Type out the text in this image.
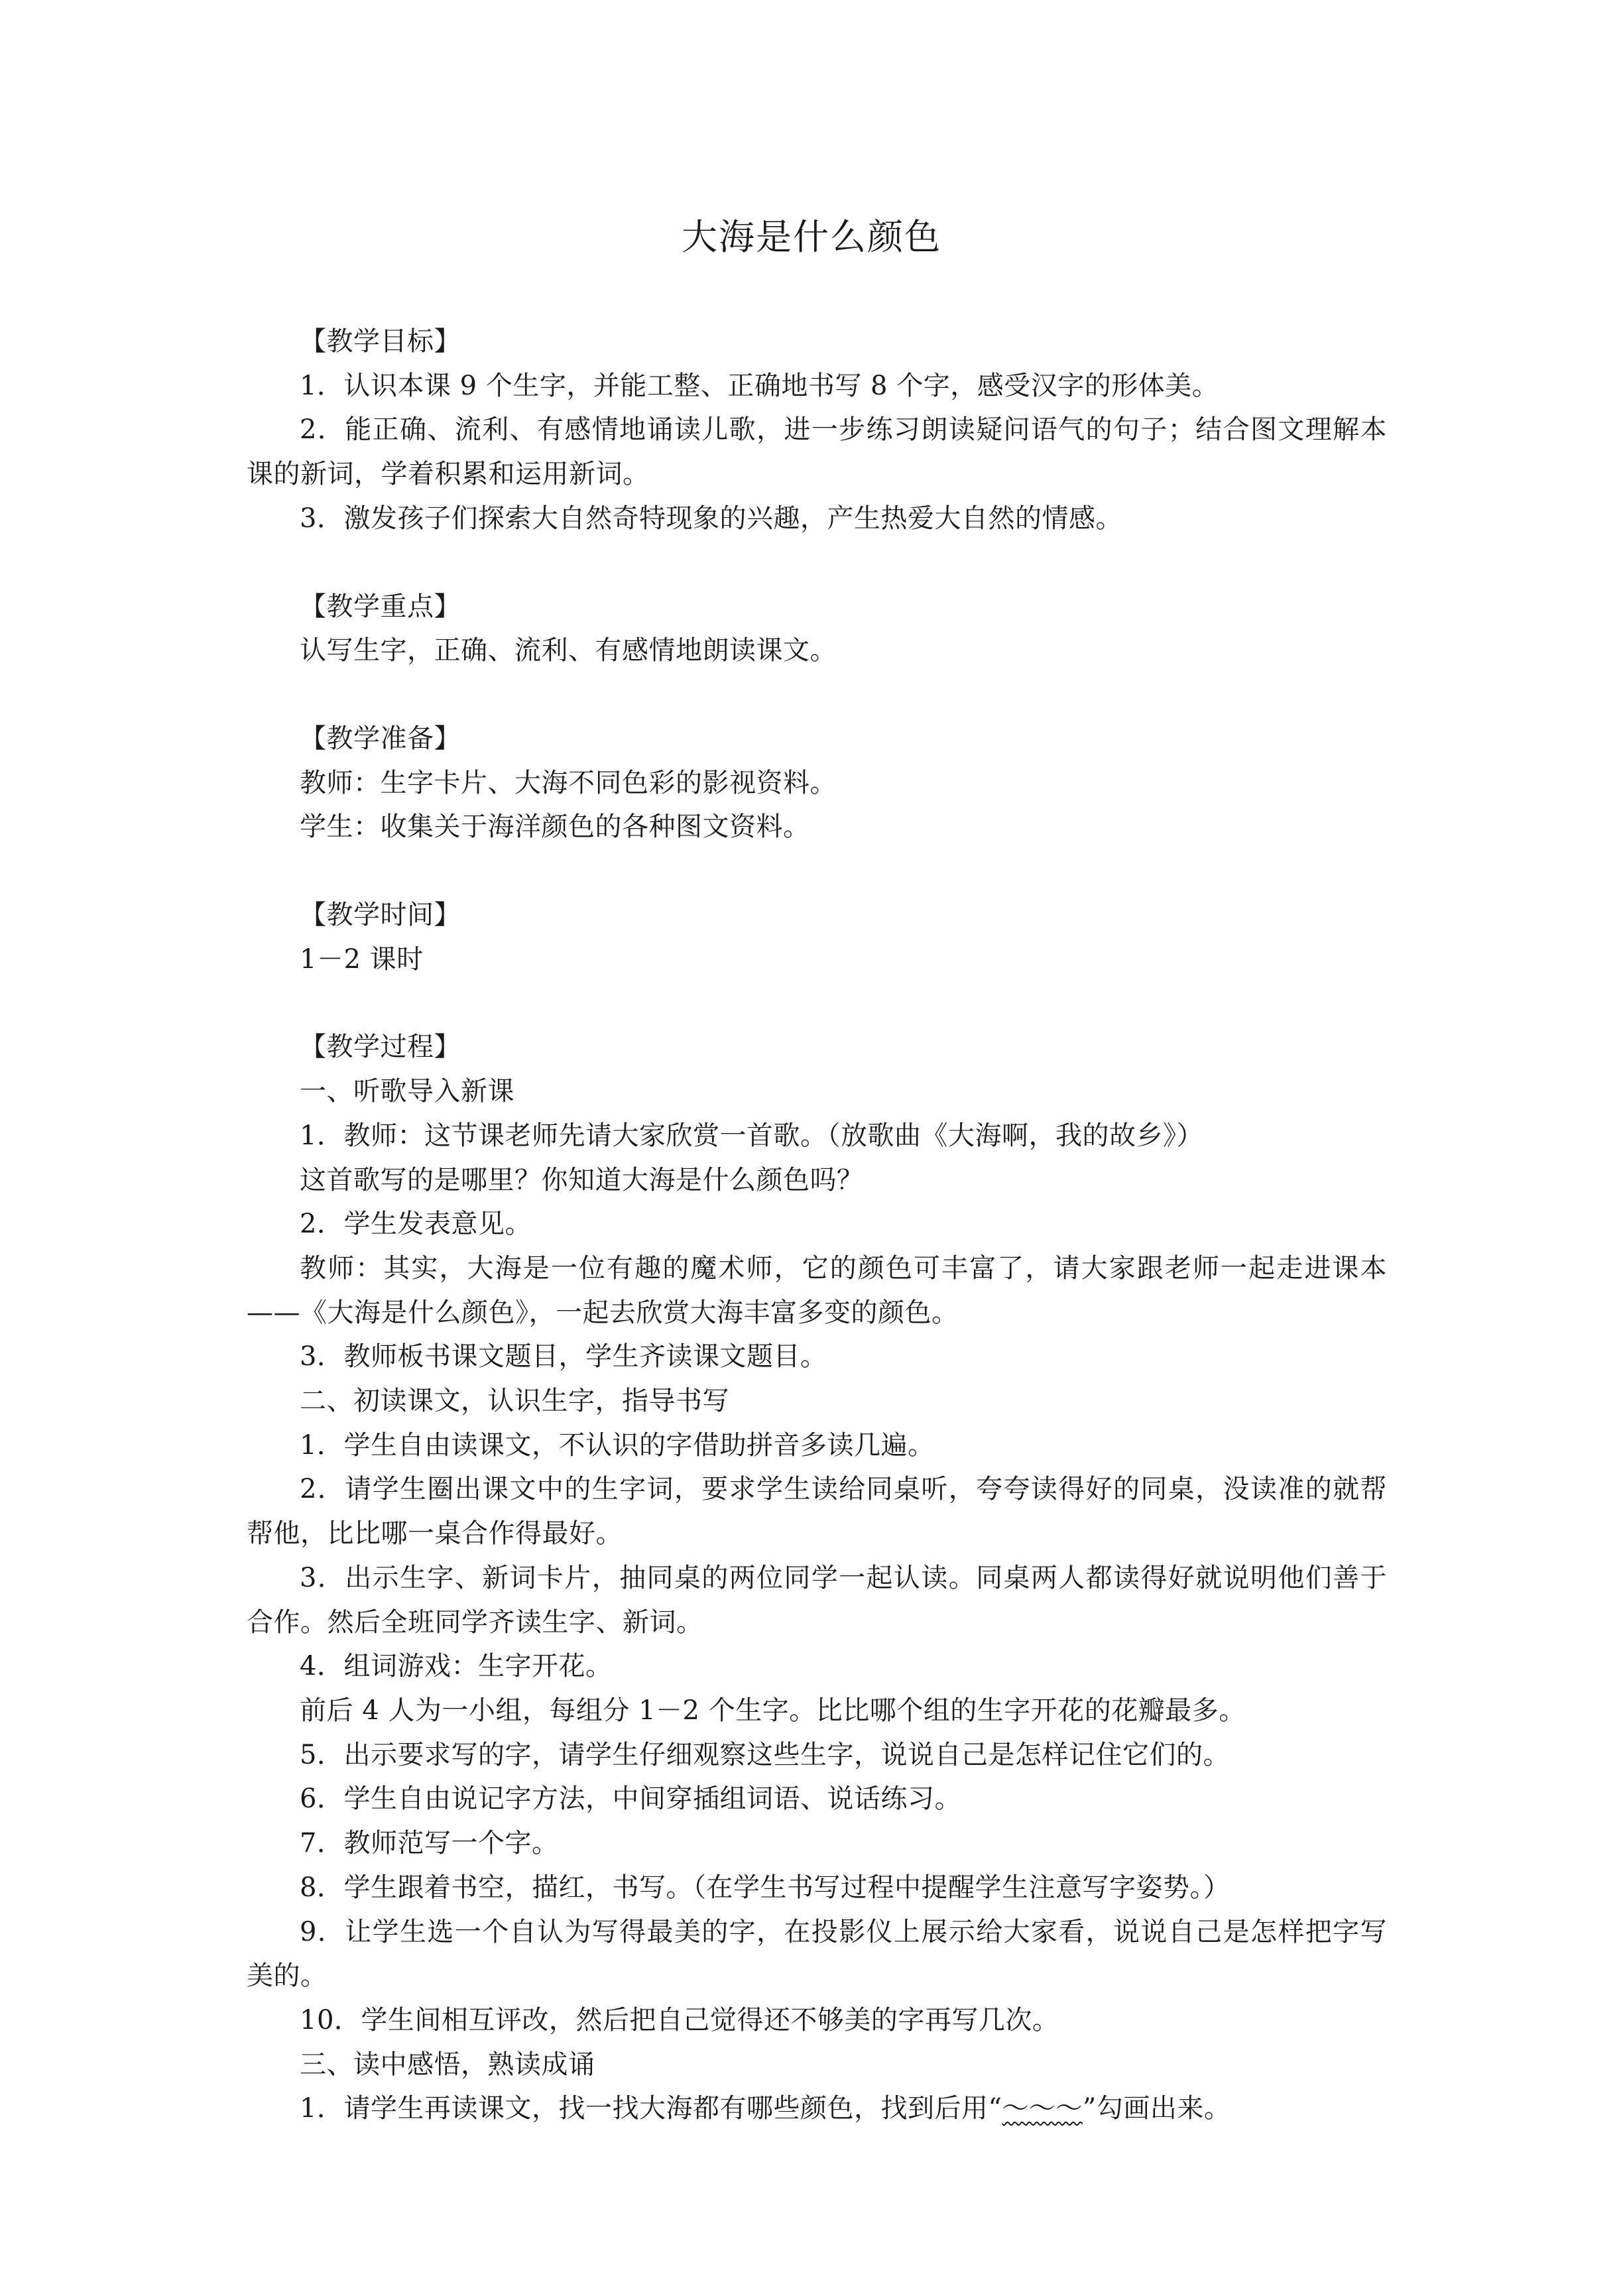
大海是什么颜色

【教学目标】

1．认识本课 9 个生字，并能工整、正确地书写 8 个字，感受汉字的形体美。

2．能正确、流利、有感情地诵读儿歌，进一步练习朗读疑问语气的句子；结合图文理解本课的新词，学着积累和运用新词。

3．激发孩子们探索大自然奇特现象的兴趣，产生热爱大自然的情感。

【教学重点】

认写生字，正确、流利、有感情地朗读课文。

【教学准备】

教师：生字卡片、大海不同色彩的影视资料。

学生：收集关于海洋颜色的各种图文资料。

【教学时间】

1－2 课时

【教学过程】

一、听歌导入新课

1．教师：这节课老师先请大家欣赏一首歌。（放歌曲《大海啊，我的故乡》）

这首歌写的是哪里？你知道大海是什么颜色吗？

2．学生发表意见。

教师：其实，大海是一位有趣的魔术师，它的颜色可丰富了，请大家跟老师一起走进课本——《大海是什么颜色》，一起去欣赏大海丰富多变的颜色。

3．教师板书课文题目，学生齐读课文题目。

二、初读课文，认识生字，指导书写

1．学生自由读课文，不认识的字借助拼音多读几遍。

2．请学生圈出课文中的生字词，要求学生读给同桌听，夸夸读得好的同桌，没读准的就帮帮他，比比哪一桌合作得最好。

3．出示生字、新词卡片，抽同桌的两位同学一起认读。同桌两人都读得好就说明他们善于合作。然后全班同学齐读生字、新词。

4．组词游戏：生字开花。

前后 4 人为一小组，每组分 1－2 个生字。比比哪个组的生字开花的花瓣最多。

5．出示要求写的字，请学生仔细观察这些生字，说说自己是怎样记住它们的。

6．学生自由说记字方法，中间穿插组词语、说话练习。

7．教师范写一个字。

8．学生跟着书空，描红，书写。（在学生书写过程中提醒学生注意写字姿势。）

9．让学生选一个自认为写得最美的字，在投影仪上展示给大家看，说说自己是怎样把字写美的。

10．学生间相互评改，然后把自己觉得还不够美的字再写几次。

三、读中感悟，熟读成诵

1．请学生再读课文，找一找大海都有哪些颜色，找到后用“～～～”勾画出来。
